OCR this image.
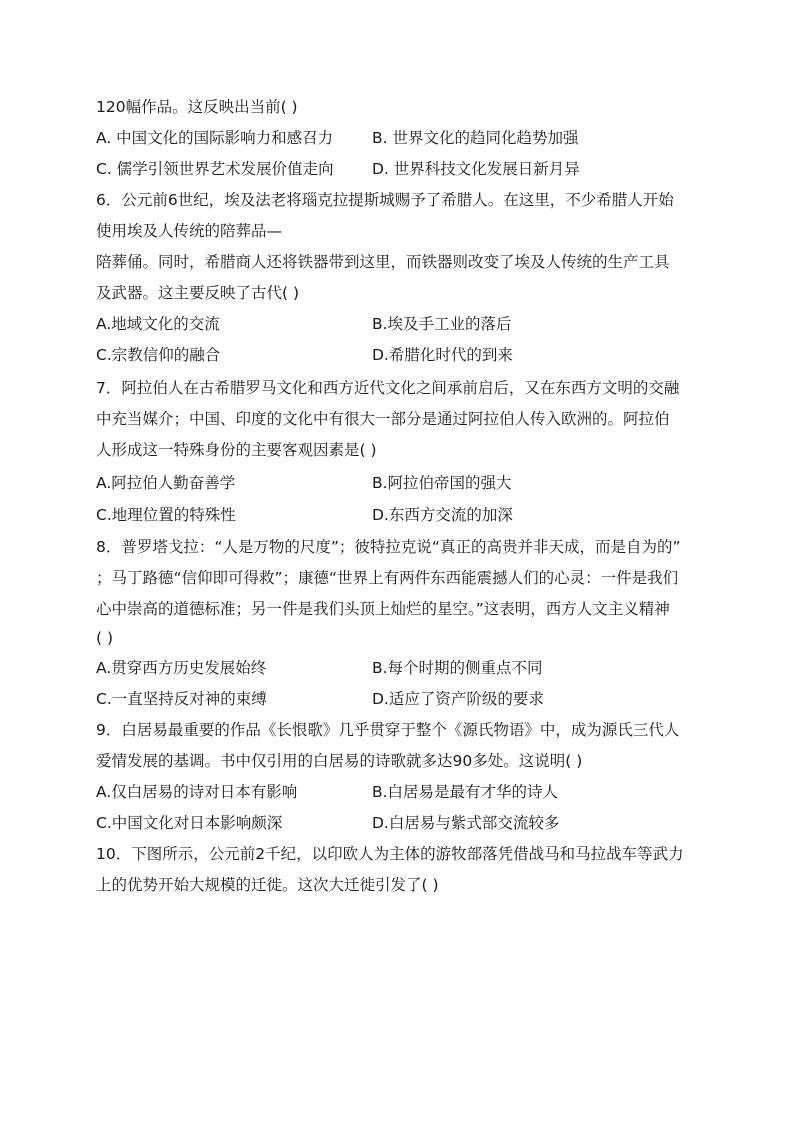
120幅作品。这反映出当前( )
A. 中国文化的国际影响力和感召力	B. 世界文化的趋同化趋势加强
C. 儒学引领世界艺术发展价值走向 D. 世界科技文化发展日新月异
6．公元前6世纪，埃及法老将瑙克拉提斯城赐予了希腊人。在这里，不少希腊人开始
使用埃及人传统的陪葬品—
陪葬俑。同时，希腊商人还将铁器带到这里，而铁器则改变了埃及人传统的生产工具
及武器。这主要反映了古代( )
A.地域文化的交流	B.埃及手工业的落后
C.宗教信仰的融合	D.希腊化时代的到来
7．阿拉伯人在古希腊罗马文化和西方近代文化之间承前启后，又在东西方文明的交融
中充当媒介；中国、印度的文化中有很大一部分是通过阿拉伯人传入欧洲的。阿拉伯
人形成这一特殊身份的主要客观因素是( )
A.阿拉伯人勤奋善学	B.阿拉伯帝国的强大
C.地理位置的特殊性	D.东西方交流的加深
8．普罗塔戈拉：“人是万物的尺度”；彼特拉克说“真正的高贵并非天成，而是自为的”
；马丁路德“信仰即可得救”；康德“世界上有两件东西能震撼人们的心灵：一件是我们
心中崇高的道德标准；另一件是我们头顶上灿烂的星空。”这表明，西方人文主义精神
( )
A.贯穿西方历史发展始终	B.每个时期的侧重点不同
C.一直坚持反对神的束缚	D.适应了资产阶级的要求
9．白居易最重要的作品《长恨歌》几乎贯穿于整个《源氏物语》中，成为源氏三代人
爱情发展的基调。书中仅引用的白居易的诗歌就多达90多处。这说明( )
A.仅白居易的诗对日本有影响	B.白居易是最有才华的诗人
C.中国文化对日本影响颇深	D.白居易与紫式部交流较多
10．下图所示，公元前2千纪，以印欧人为主体的游牧部落凭借战马和马拉战车等武力
上的优势开始大规模的迁徙。这次大迁徙引发了( )
